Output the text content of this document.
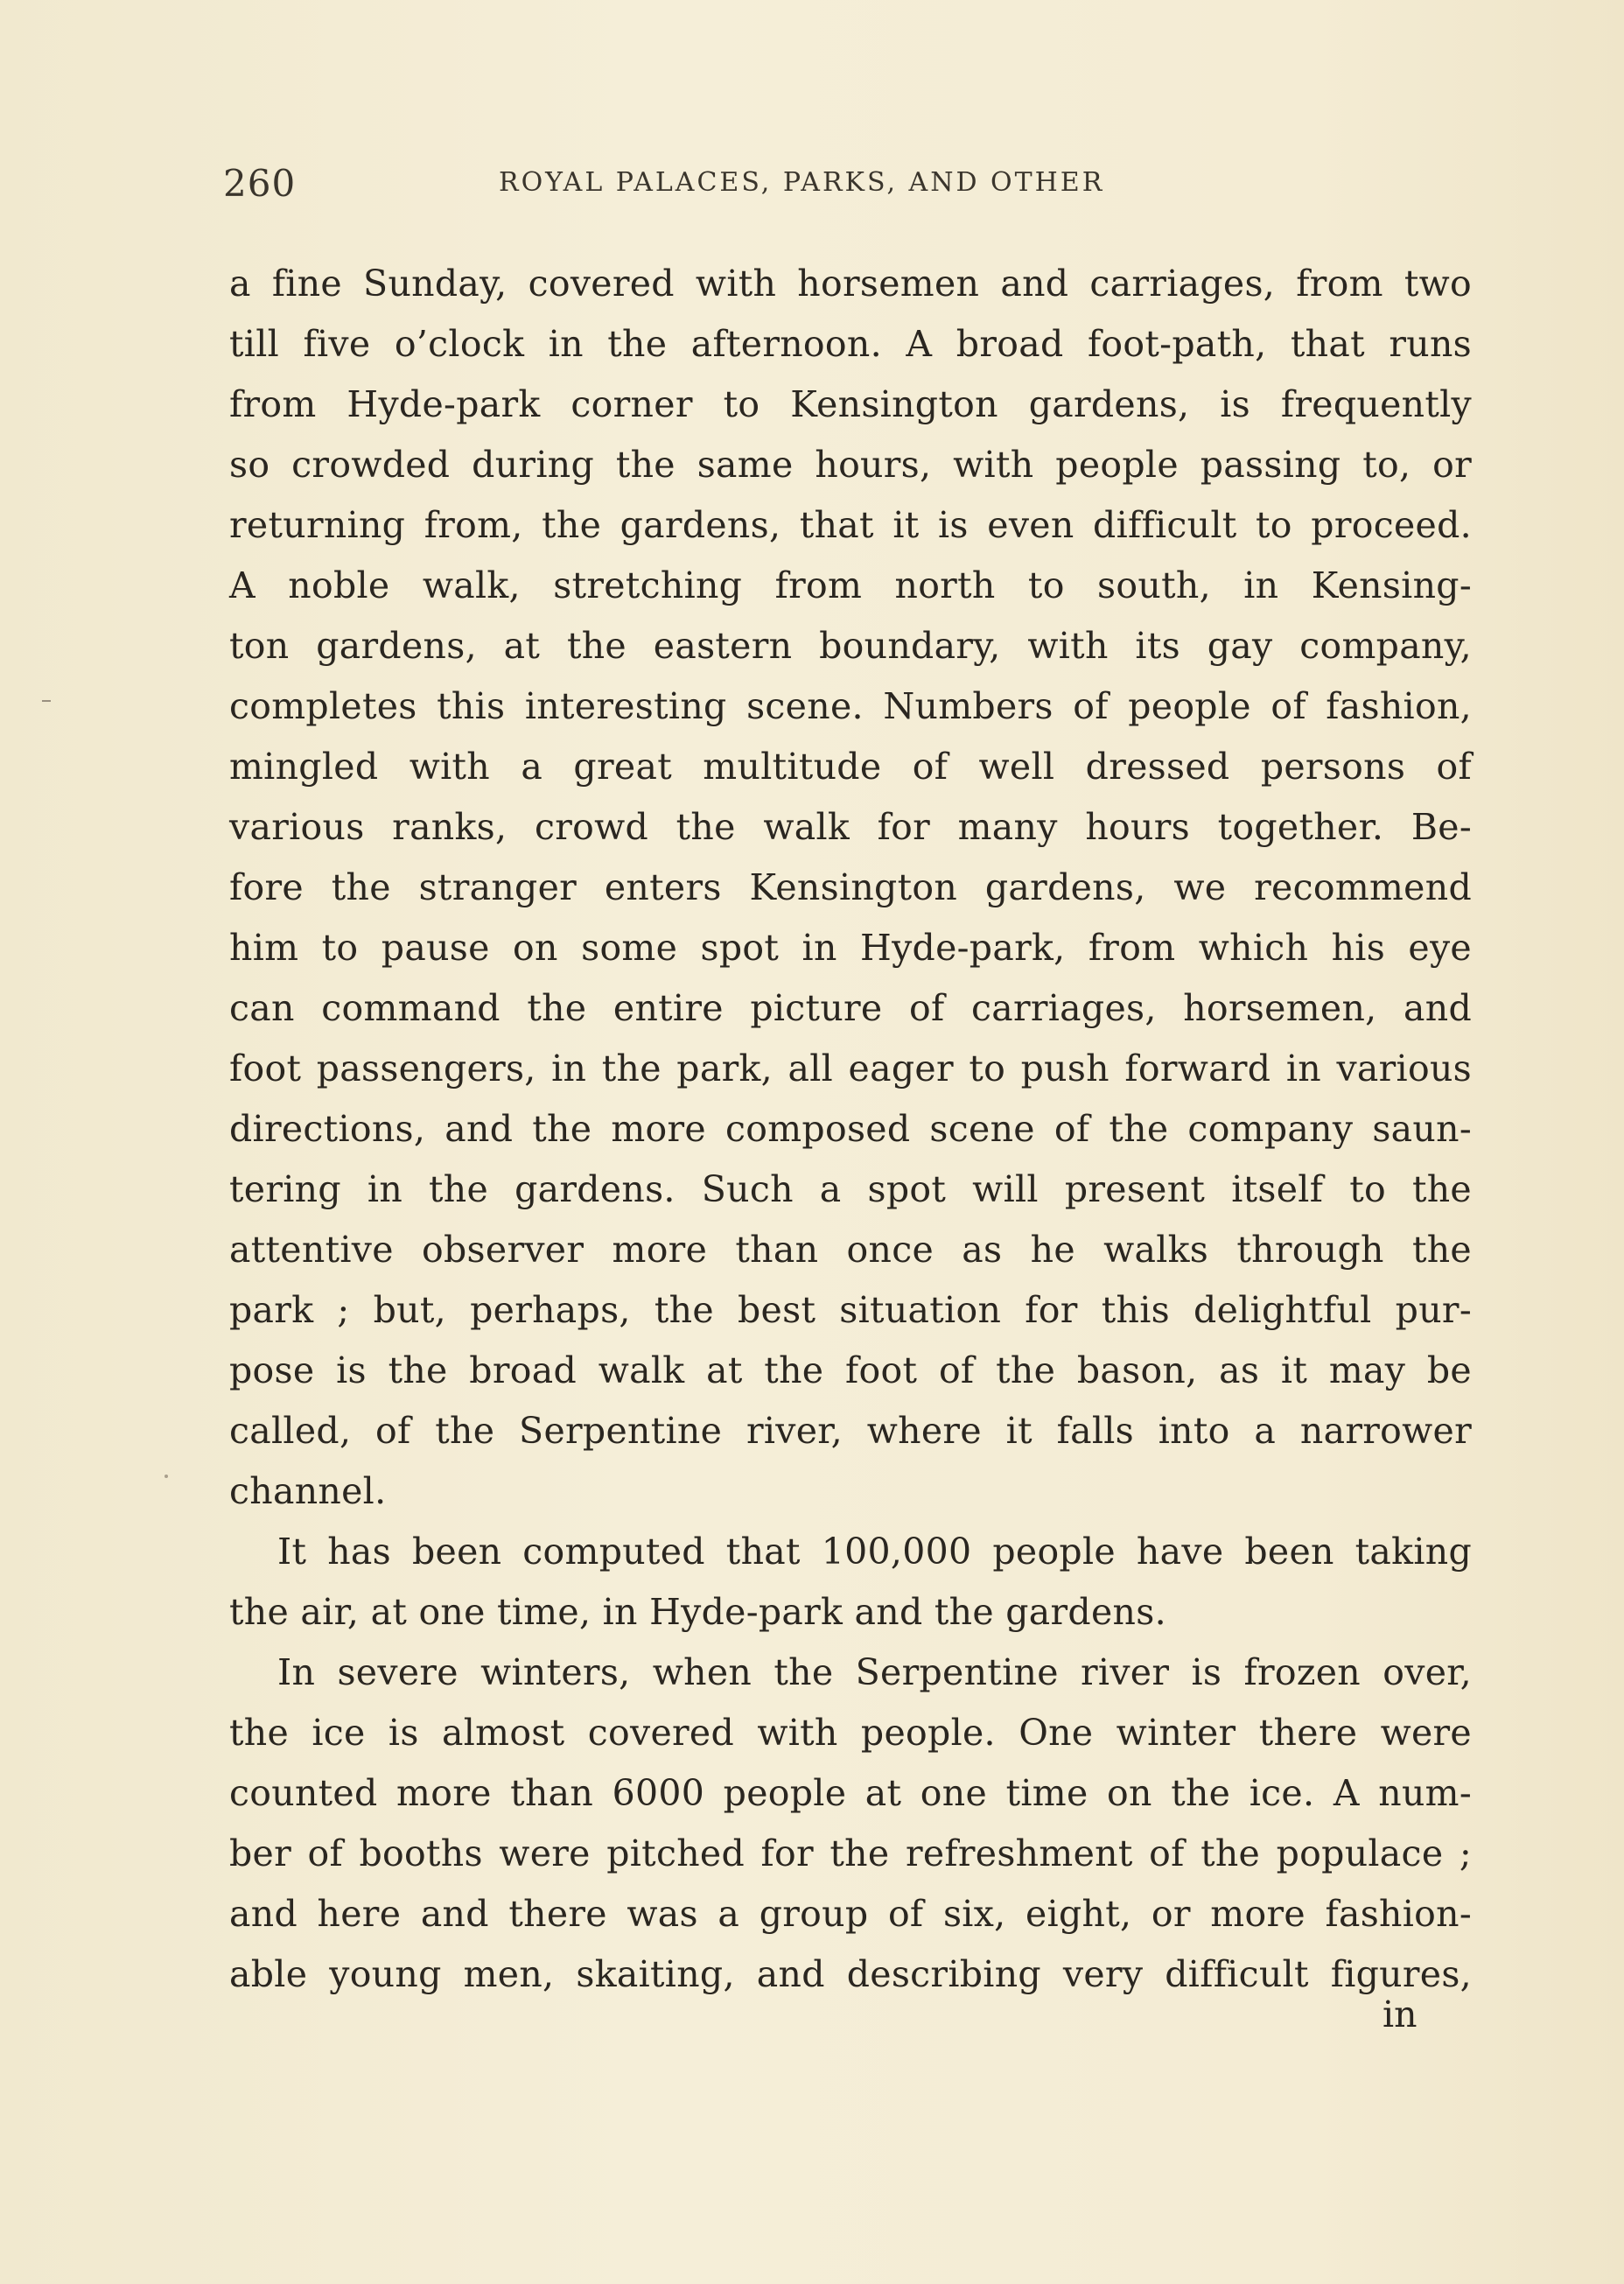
260	ROYAL PALACES, PARKS, AND OTHER
a fine Sunday, covered with horsemen and carriages, from two
till five o’clock in the afternoon. A broad foot-path, that runs
from Hyde-park corner to Kensington gardens, is frequently
so crowded during the same hours, with people passing to, or
returning from, the gardens, that it is even difficult to proceed.
A noble walk, stretching from north to south, in Kensing-
ton gardens, at the eastern boundary, with its gay company,
completes this interesting scene. Numbers of people of fashion,
mingled with a great multitude of well dressed persons of
various ranks, crowd the walk for many hours together. Be-
fore the stranger enters Kensington gardens, we recommend
him to pause on some spot in Hyde-park, from which his eye
can command the entire picture of carriages, horsemen, and
foot passengers, in the park, all eager to push forward in various
directions, and the more composed scene of the company saun-
tering in the gardens. Such a spot will present itself to the
attentive observer more than once as he walks through the
park ; but, perhaps, the best situation for this delightful pur-
pose is the broad walk at the foot of the bason, as it may be
called, of the Serpentine river, where it falls into a narrower
channel.
It has been computed that 100,000 people have been taking
the air, at one time, in Hyde-park and the gardens.
In severe winters, when the Serpentine river is frozen over,
the ice is almost covered with people. One winter there were
counted more than 6000 people at one time on the ice. A num-
ber of booths were pitched for the refreshment of the populace ;
and here and there was a group of six, eight, or more fashion-
able young men, skaiting, and describing very difficult figures,
in
